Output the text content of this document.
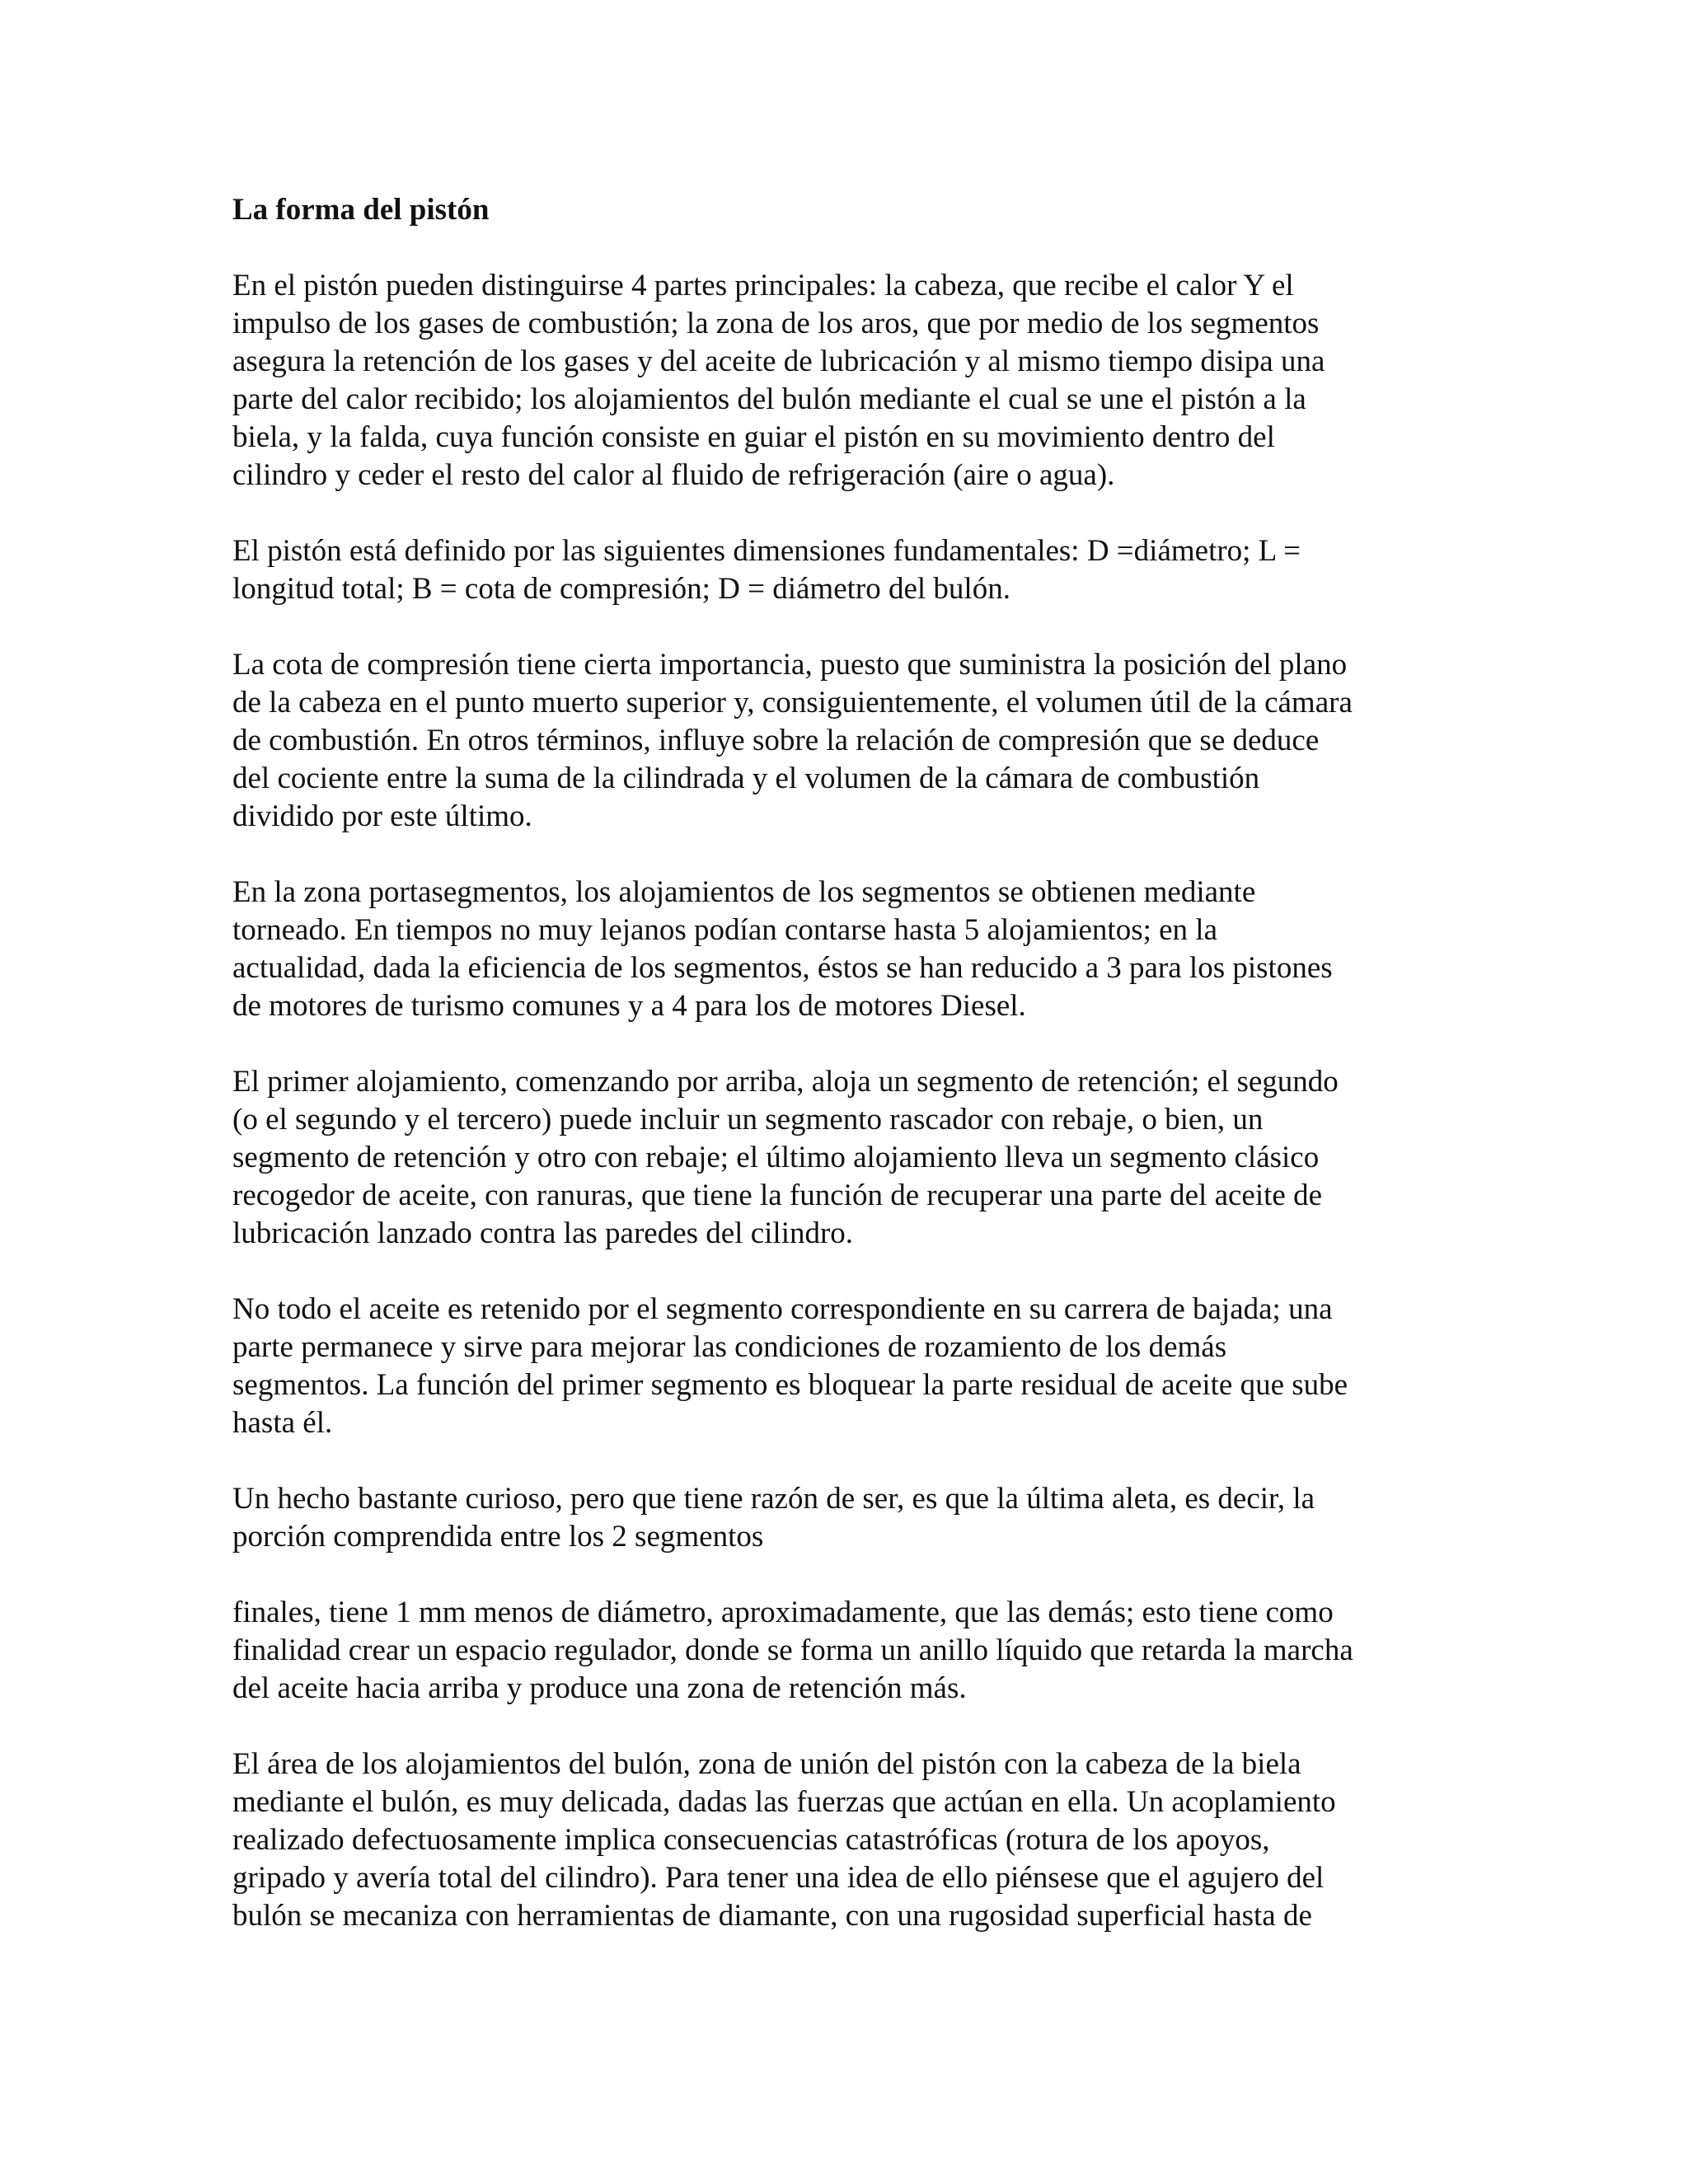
La forma del pistón
En el pistón pueden distinguirse 4 partes principales: la cabeza, que recibe el calor Y el
impulso de los gases de combustión; la zona de los aros, que por medio de los segmentos
asegura la retención de los gases y del aceite de lubricación y al mismo tiempo disipa una
parte del calor recibido; los alojamientos del bulón mediante el cual se une el pistón a la
biela, y la falda, cuya función consiste en guiar el pistón en su movimiento dentro del
cilindro y ceder el resto del calor al fluido de refrigeración (aire o agua).
El pistón está definido por las siguientes dimensiones fundamentales: D =diámetro; L =
longitud total; B = cota de compresión; D = diámetro del bulón.
La cota de compresión tiene cierta importancia, puesto que suministra la posición del plano
de la cabeza en el punto muerto superior y, consiguientemente, el volumen útil de la cámara
de combustión. En otros términos, influye sobre la relación de compresión que se deduce
del cociente entre la suma de la cilindrada y el volumen de la cámara de combustión
dividido por este último.
En la zona portasegmentos, los alojamientos de los segmentos se obtienen mediante
torneado. En tiempos no muy lejanos podían contarse hasta 5 alojamientos; en la
actualidad, dada la eficiencia de los segmentos, éstos se han reducido a 3 para los pistones
de motores de turismo comunes y a 4 para los de motores Diesel.
El primer alojamiento, comenzando por arriba, aloja un segmento de retención; el segundo
(o el segundo y el tercero) puede incluir un segmento rascador con rebaje, o bien, un
segmento de retención y otro con rebaje; el último alojamiento lleva un segmento clásico
recogedor de aceite, con ranuras, que tiene la función de recuperar una parte del aceite de
lubricación lanzado contra las paredes del cilindro.
No todo el aceite es retenido por el segmento correspondiente en su carrera de bajada; una
parte permanece y sirve para mejorar las condiciones de rozamiento de los demás
segmentos. La función del primer segmento es bloquear la parte residual de aceite que sube
hasta él.
Un hecho bastante curioso, pero que tiene razón de ser, es que la última aleta, es decir, la
porción comprendida entre los 2 segmentos
finales, tiene 1 mm menos de diámetro, aproximadamente, que las demás; esto tiene como
finalidad crear un espacio regulador, donde se forma un anillo líquido que retarda la marcha
del aceite hacia arriba y produce una zona de retención más.
El área de los alojamientos del bulón, zona de unión del pistón con la cabeza de la biela
mediante el bulón, es muy delicada, dadas las fuerzas que actúan en ella. Un acoplamiento
realizado defectuosamente implica consecuencias catastróficas (rotura de los apoyos,
gripado y avería total del cilindro). Para tener una idea de ello piénsese que el agujero del
bulón se mecaniza con herramientas de diamante, con una rugosidad superficial hasta de
